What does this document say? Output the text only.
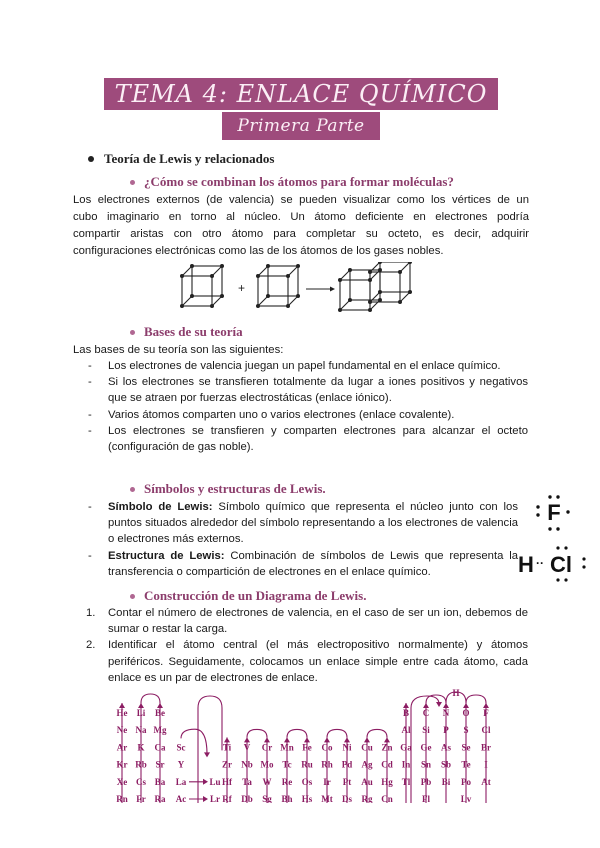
TEMA 4: ENLACE QUÍMICO
Primera Parte
Teoría de Lewis y relacionados
¿Cómo se combinan los átomos para formar moléculas?
Los electrones externos (de valencia) se pueden visualizar como los vértices de un
cubo imaginario en torno al núcleo. Un átomo deficiente en electrones podría
compartir aristas con otro átomo para completar su octeto, es decir, adquirir
configuraciones electrónicas como las de los átomos de los gases nobles.
+
Bases de su teoría
Las bases de su teoría son las siguientes:
- Los electrones de valencia juegan un papel fundamental en el enlace químico.
- Si los electrones se transfieren totalmente da lugar a iones positivos y negativos que se atraen por fuerzas electrostáticas (enlace iónico).
- Varios átomos comparten uno o varios electrones (enlace covalente).
- Los electrones se transfieren y comparten electrones para alcanzar el octeto (configuración de gas noble).
Símbolos y estructuras de Lewis.
- Símbolo de Lewis: Símbolo químico que representa el núcleo junto con los puntos situados alrededor del símbolo representando a los electrones de valencia o electrones más externos.
- Estructura de Lewis: Combinación de símbolos de Lewis que representa la transferencia o compartición de electrones en el enlace químico.
F
H ·· Cl
Construcción de un Diagrama de Lewis.
1. Contar el número de electrones de valencia, en el caso de ser un ion, debemos de sumar o restar la carga.
2. Identificar el átomo central (el más electropositivo normalmente) y átomos periféricos. Seguidamente, colocamos un enlace simple entre cada átomo, cada enlace es un par de electrones de enlace.
He Li Be
Ne Na Mg
Ar K Ca
Kr Rb Sr
Xe Cs Ba
Rn Fr Ra
Sc
Y
La
Ac
Lu
Lr
Ti V Cr Mn Fe Co Ni Cu Zn
Zr Nb Mo Tc Ru Rh Pd Ag Cd
Hf Ta W Re Os Ir Pt Au Hg
Rf Db Sg Bh Hs Mt Ds Rg Cn
B C N O F
Al Si P S Cl
Ga Ge As Se Br
In Sn Sb Te I
Tl Pb Bi Po At
Fl	Lv
H
